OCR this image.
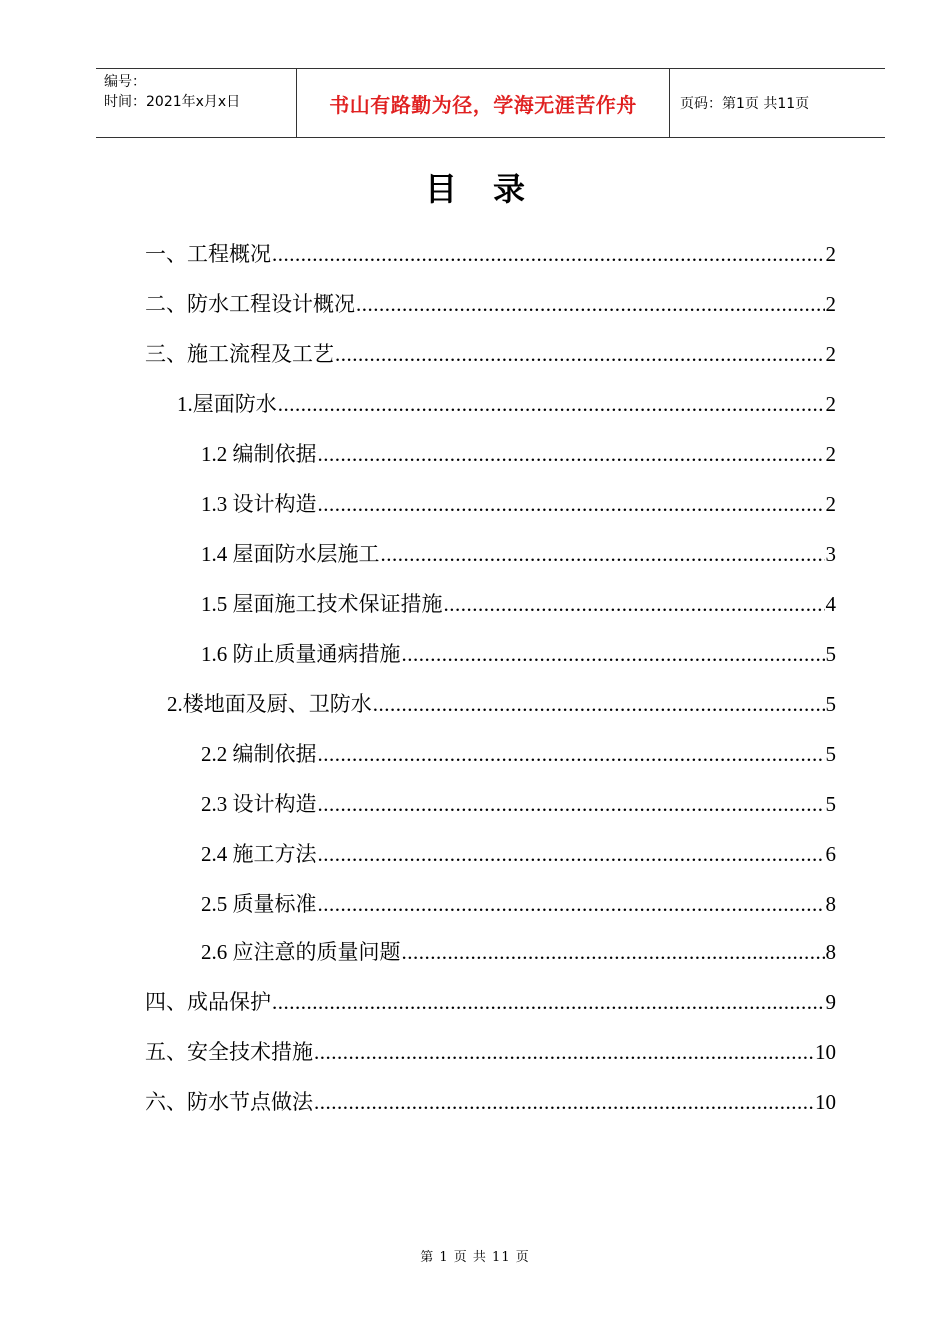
编号：
时间：2021年x月x日	书山有路勤为径，学海无涯苦作舟	页码：第1页 共11页
目录
一、工程概况 .....	2
二、防水工程设计概况 .....	2
三、施工流程及工艺 .....	2
1.屋面防水 .....	2
1.2 编制依据 .....	2
1.3 设计构造 .....	2
1.4 屋面防水层施工 .....	3
1.5 屋面施工技术保证措施 .....	4
1.6 防止质量通病措施 .....	5
2.楼地面及厨、卫防水 .....	5
2.2 编制依据 .....	5
2.3 设计构造 .....	5
2.4 施工方法 .....	6
2.5 质量标准 .....	8
2.6 应注意的质量问题 .....	8
四、成品保护 .....	9
五、安全技术措施 .....	10
六、防水节点做法 .....	10
第 1 页 共 11 页
